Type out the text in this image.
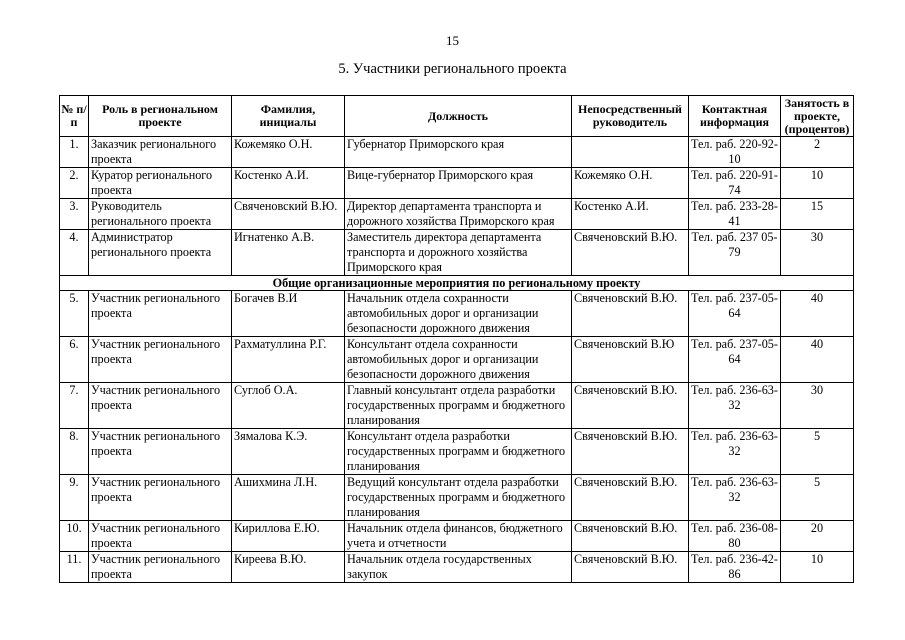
15
5. Участники регионального проекта
№ п/п	Роль в региональном проекте	Фамилия, инициалы	Должность	Непосредственный руководитель	Контактная информация	Занятость в проекте, (процентов)
1.	Заказчик регионального проекта	Кожемяко О.Н.	Губернатор Приморского края		Тел. раб. 220-92-10	2
2.	Куратор регионального проекта	Костенко А.И.	Вице-губернатор Приморского края	Кожемяко О.Н.	Тел. раб. 220-91-74	10
3.	Руководитель регионального проекта	Свяченовский В.Ю.	Директор департамента транспорта и дорожного хозяйства Приморского края	Костенко А.И.	Тел. раб. 233-28-41	15
4.	Администратор регионального проекта	Игнатенко А.В.	Заместитель директора департамента транспорта и дорожного хозяйства Приморского края	Свяченовский В.Ю.	Тел. раб. 237 05-79	30
Общие организационные мероприятия по региональному проекту						
5.	Участник регионального проекта	Богачев В.И	Начальник отдела сохранности автомобильных дорог и организации безопасности дорожного движения	Свяченовский В.Ю.	Тел. раб. 237-05-64	40
6.	Участник регионального проекта	Рахматуллина Р.Г.	Консультант отдела сохранности автомобильных дорог и организации безопасности дорожного движения	Свяченовский В.Ю	Тел. раб. 237-05-64	40
7.	Участник регионального проекта	Суглоб О.А.	Главный консультант отдела разработки государственных программ и бюджетного планирования	Свяченовский В.Ю.	Тел. раб. 236-63-32	30
8.	Участник регионального проекта	Зямалова К.Э.	Консультант отдела разработки государственных программ и бюджетного планирования	Свяченовский В.Ю.	Тел. раб. 236-63-32	5
9.	Участник регионального проекта	Ашихмина Л.Н.	Ведущий консультант отдела разработки государственных программ и бюджетного планирования	Свяченовский В.Ю.	Тел. раб. 236-63-32	5
10.	Участник регионального проекта	Кириллова Е.Ю.	Начальник отдела финансов, бюджетного учета и отчетности	Свяченовский В.Ю.	Тел. раб. 236-08-80	20
11.	Участник регионального проекта	Киреева В.Ю.	Начальник отдела государственных закупок	Свяченовский В.Ю.	Тел. раб. 236-42-86	10
